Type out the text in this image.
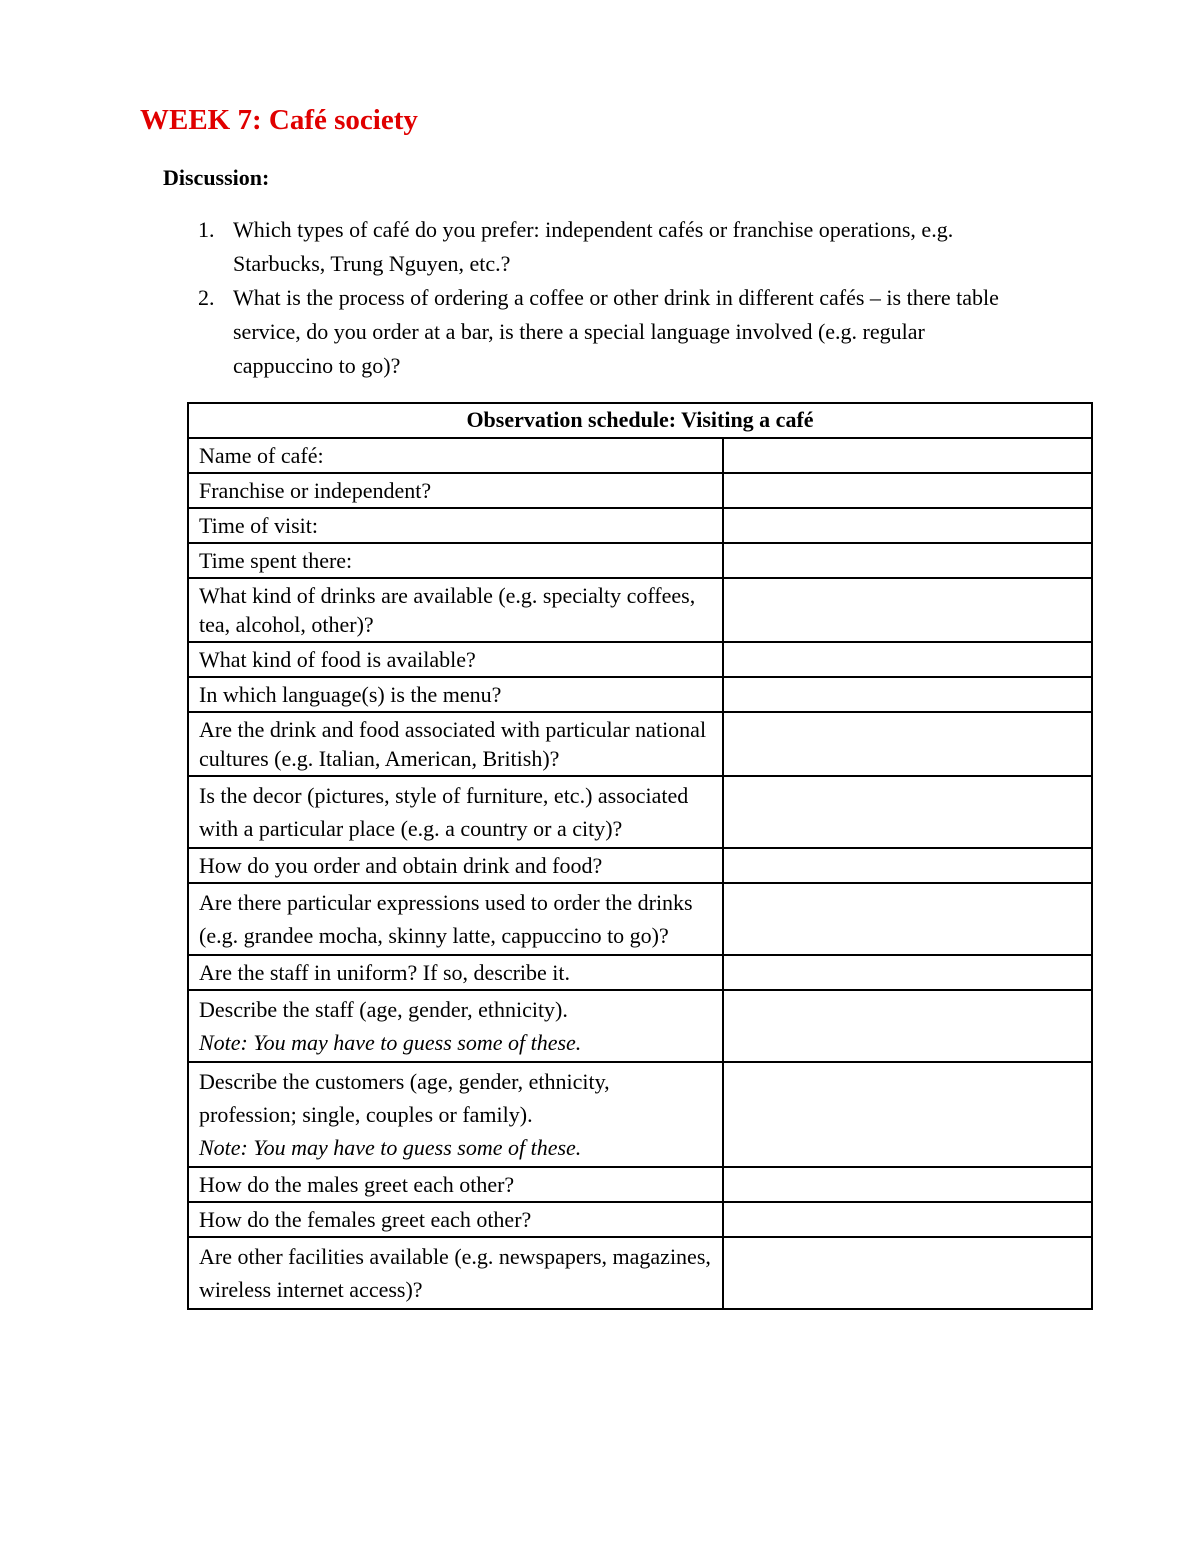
WEEK 7: Café society
Discussion:
1. Which types of café do you prefer: independent cafés or franchise operations, e.g. Starbucks, Trung Nguyen, etc.?
2. What is the process of ordering a coffee or other drink in different cafés – is there table service, do you order at a bar, is there a special language involved (e.g. regular cappuccino to go)?
Observation schedule: Visiting a café	
Name of café:	
Franchise or independent?	
Time of visit:	
Time spent there:	
What kind of drinks are available (e.g. specialty coffees, tea, alcohol, other)?	
What kind of food is available?	
In which language(s) is the menu?	
Are the drink and food associated with particular national cultures (e.g. Italian, American, British)?	
Is the decor (pictures, style of furniture, etc.) associated with a particular place (e.g. a country or a city)?	
How do you order and obtain drink and food?	
Are there particular expressions used to order the drinks (e.g. grandee mocha, skinny latte, cappuccino to go)?	
Are the staff in uniform? If so, describe it.	
Describe the staff (age, gender, ethnicity).
Note: You may have to guess some of these.	

Describe the customers (age, gender, ethnicity, profession; single, couples or family).
Note: You may have to guess some of these.	

How do the males greet each other?	
How do the females greet each other?	
Are other facilities available (e.g. newspapers, magazines, wireless internet access)?	
